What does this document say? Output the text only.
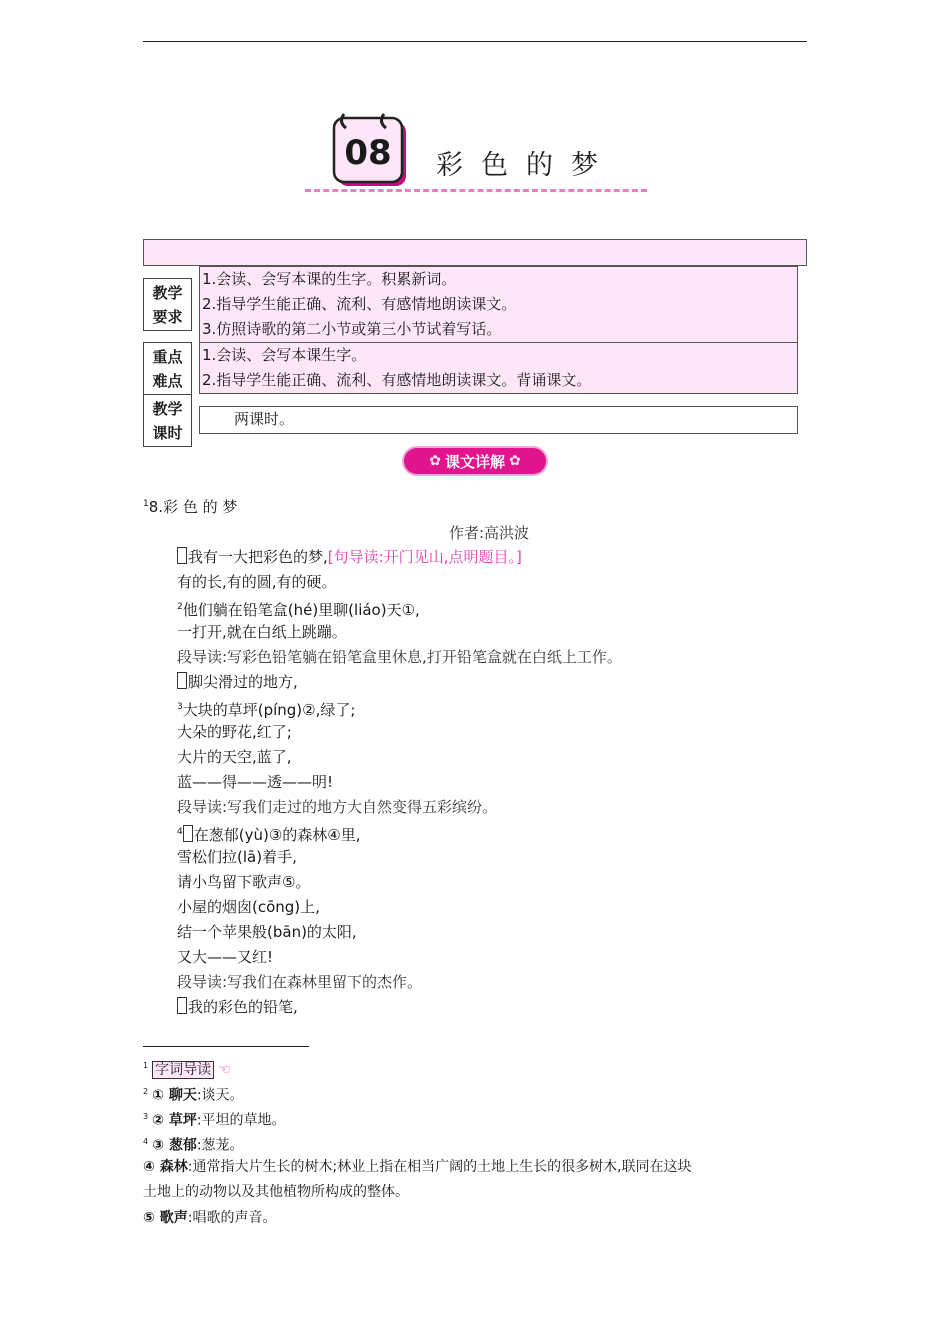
08 彩色的梦
教学
要求
1.会读、会写本课的生字。积累新词。
2.指导学生能正确、流利、有感情地朗读课文。
3.仿照诗歌的第二小节或第三小节试着写话。
重点
难点
1.会读、会写本课生字。
2.指导学生能正确、流利、有感情地朗读课文。背诵课文。
教学
课时
两课时。
✿ 课文详解 ✿
$^1$8.彩 色 的 梦
作者:高洪波
我有一大把彩色的梦,[句导读:开门见山,点明题目。]
有的长,有的圆,有的硬。
$^2$他们躺在铅笔盒(hé)里聊(liáo)天①,
一打开,就在白纸上跳蹦。
段导读:写彩色铅笔躺在铅笔盒里休息,打开铅笔盒就在白纸上工作。
脚尖滑过的地方,
$^3$大块的草坪(píng)②,绿了;
大朵的野花,红了;
大片的天空,蓝了,
蓝——得——透——明!
段导读:写我们走过的地方大自然变得五彩缤纷。
$^4$ 在葱郁(yù)③的森林④里,
雪松们拉(lā)着手,
请小鸟留下歌声⑤。
小屋的烟囱(cōng)上,
结一个苹果般(bān)的太阳,
又大——又红!
段导读:写我们在森林里留下的杰作。
我的彩色的铅笔,
$^1$ 字词导读 ☜
$^2$ ① 聊天:谈天。
$^3$ ② 草坪:平坦的草地。
$^4$ ③ 葱郁:葱茏。
④ 森林:通常指大片生长的树木;林业上指在相当广阔的土地上生长的很多树木,联同在这块
土地上的动物以及其他植物所构成的整体。
⑤ 歌声:唱歌的声音。
